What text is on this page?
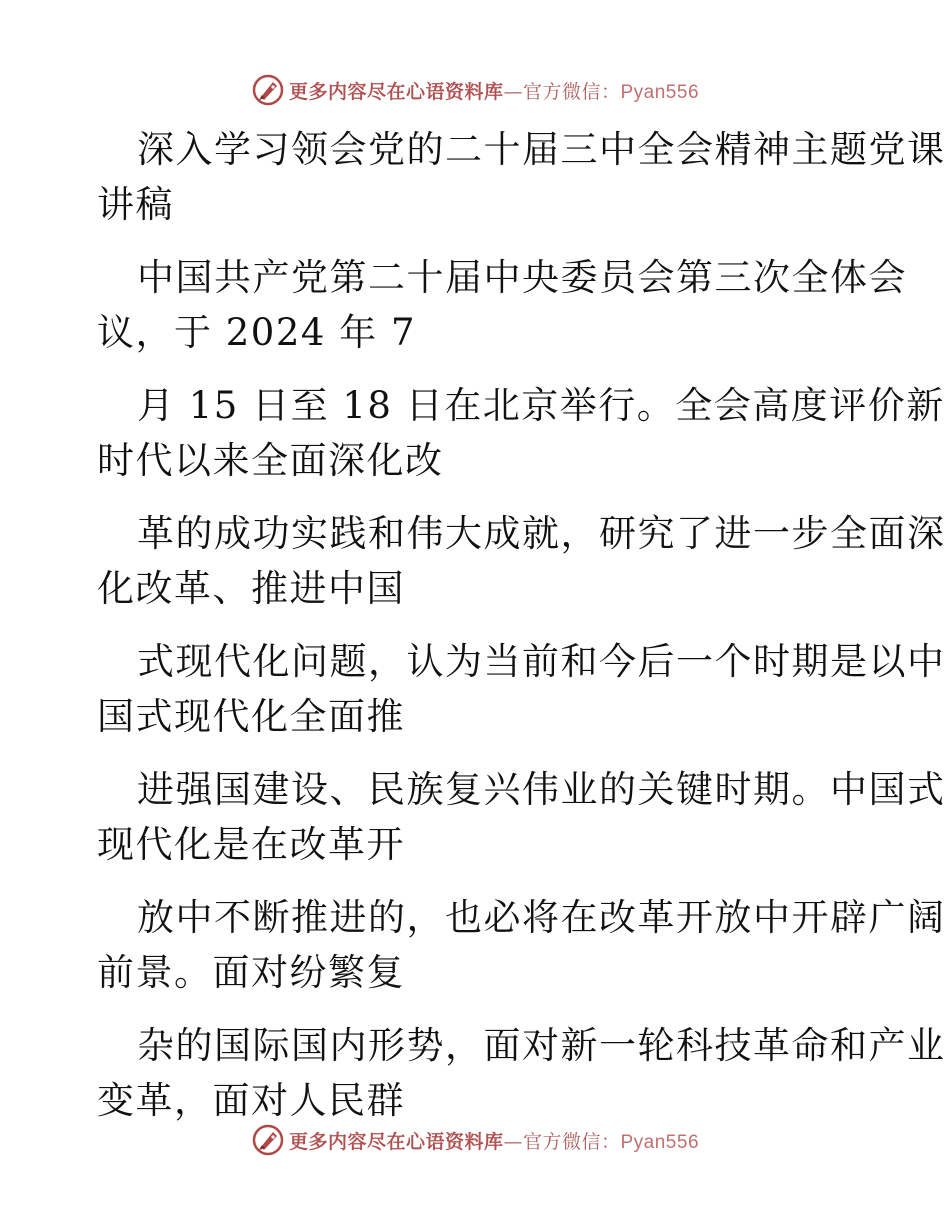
更多内容尽在心语资料库—官方微信：Pyan556
深入学习领会党的二十届三中全会精神主题党课
讲稿
中国共产党第二十届中央委员会第三次全体会
议，于 2024 年 7
月 15 日至 18 日在北京举行。全会高度评价新
时代以来全面深化改
革的成功实践和伟大成就，研究了进一步全面深
化改革、推进中国
式现代化问题，认为当前和今后一个时期是以中
国式现代化全面推
进强国建设、民族复兴伟业的关键时期。中国式
现代化是在改革开
放中不断推进的，也必将在改革开放中开辟广阔
前景。面对纷繁复
杂的国际国内形势，面对新一轮科技革命和产业
变革，面对人民群
更多内容尽在心语资料库—官方微信：Pyan556
